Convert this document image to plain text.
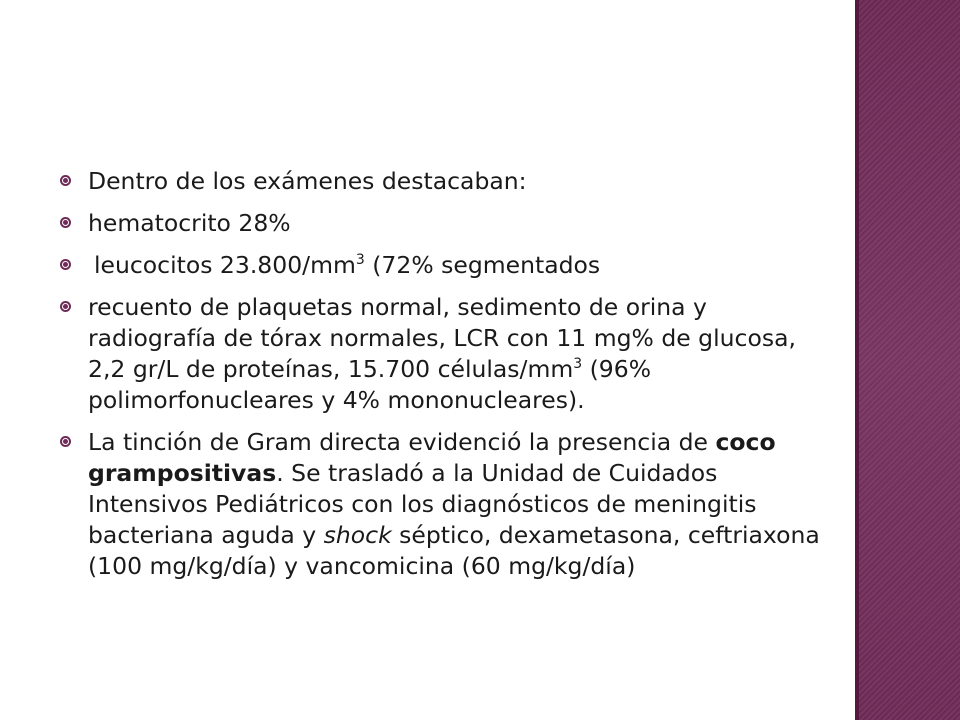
Dentro de los exámenes destacaban:
hematocrito 28%
leucocitos $23.800/mm^3$ (72% segmentados
recuento de plaquetas normal, sedimento de orina y radiografía de tórax normales, LCR con 11 mg% de glucosa, 2,2 gr/L de proteínas, 15.700 células/$mm^3$ (96% polimorfonucleares y 4% mononucleares).
La tinción de Gram directa evidenció la presencia de coco grampositivas. Se trasladó a la Unidad de Cuidados Intensivos Pediátricos con los diagnósticos de meningitis bacteriana aguda y shock séptico, dexametasona, ceftriaxona (100 mg/kg/día) y vancomicina (60 mg/kg/día)
